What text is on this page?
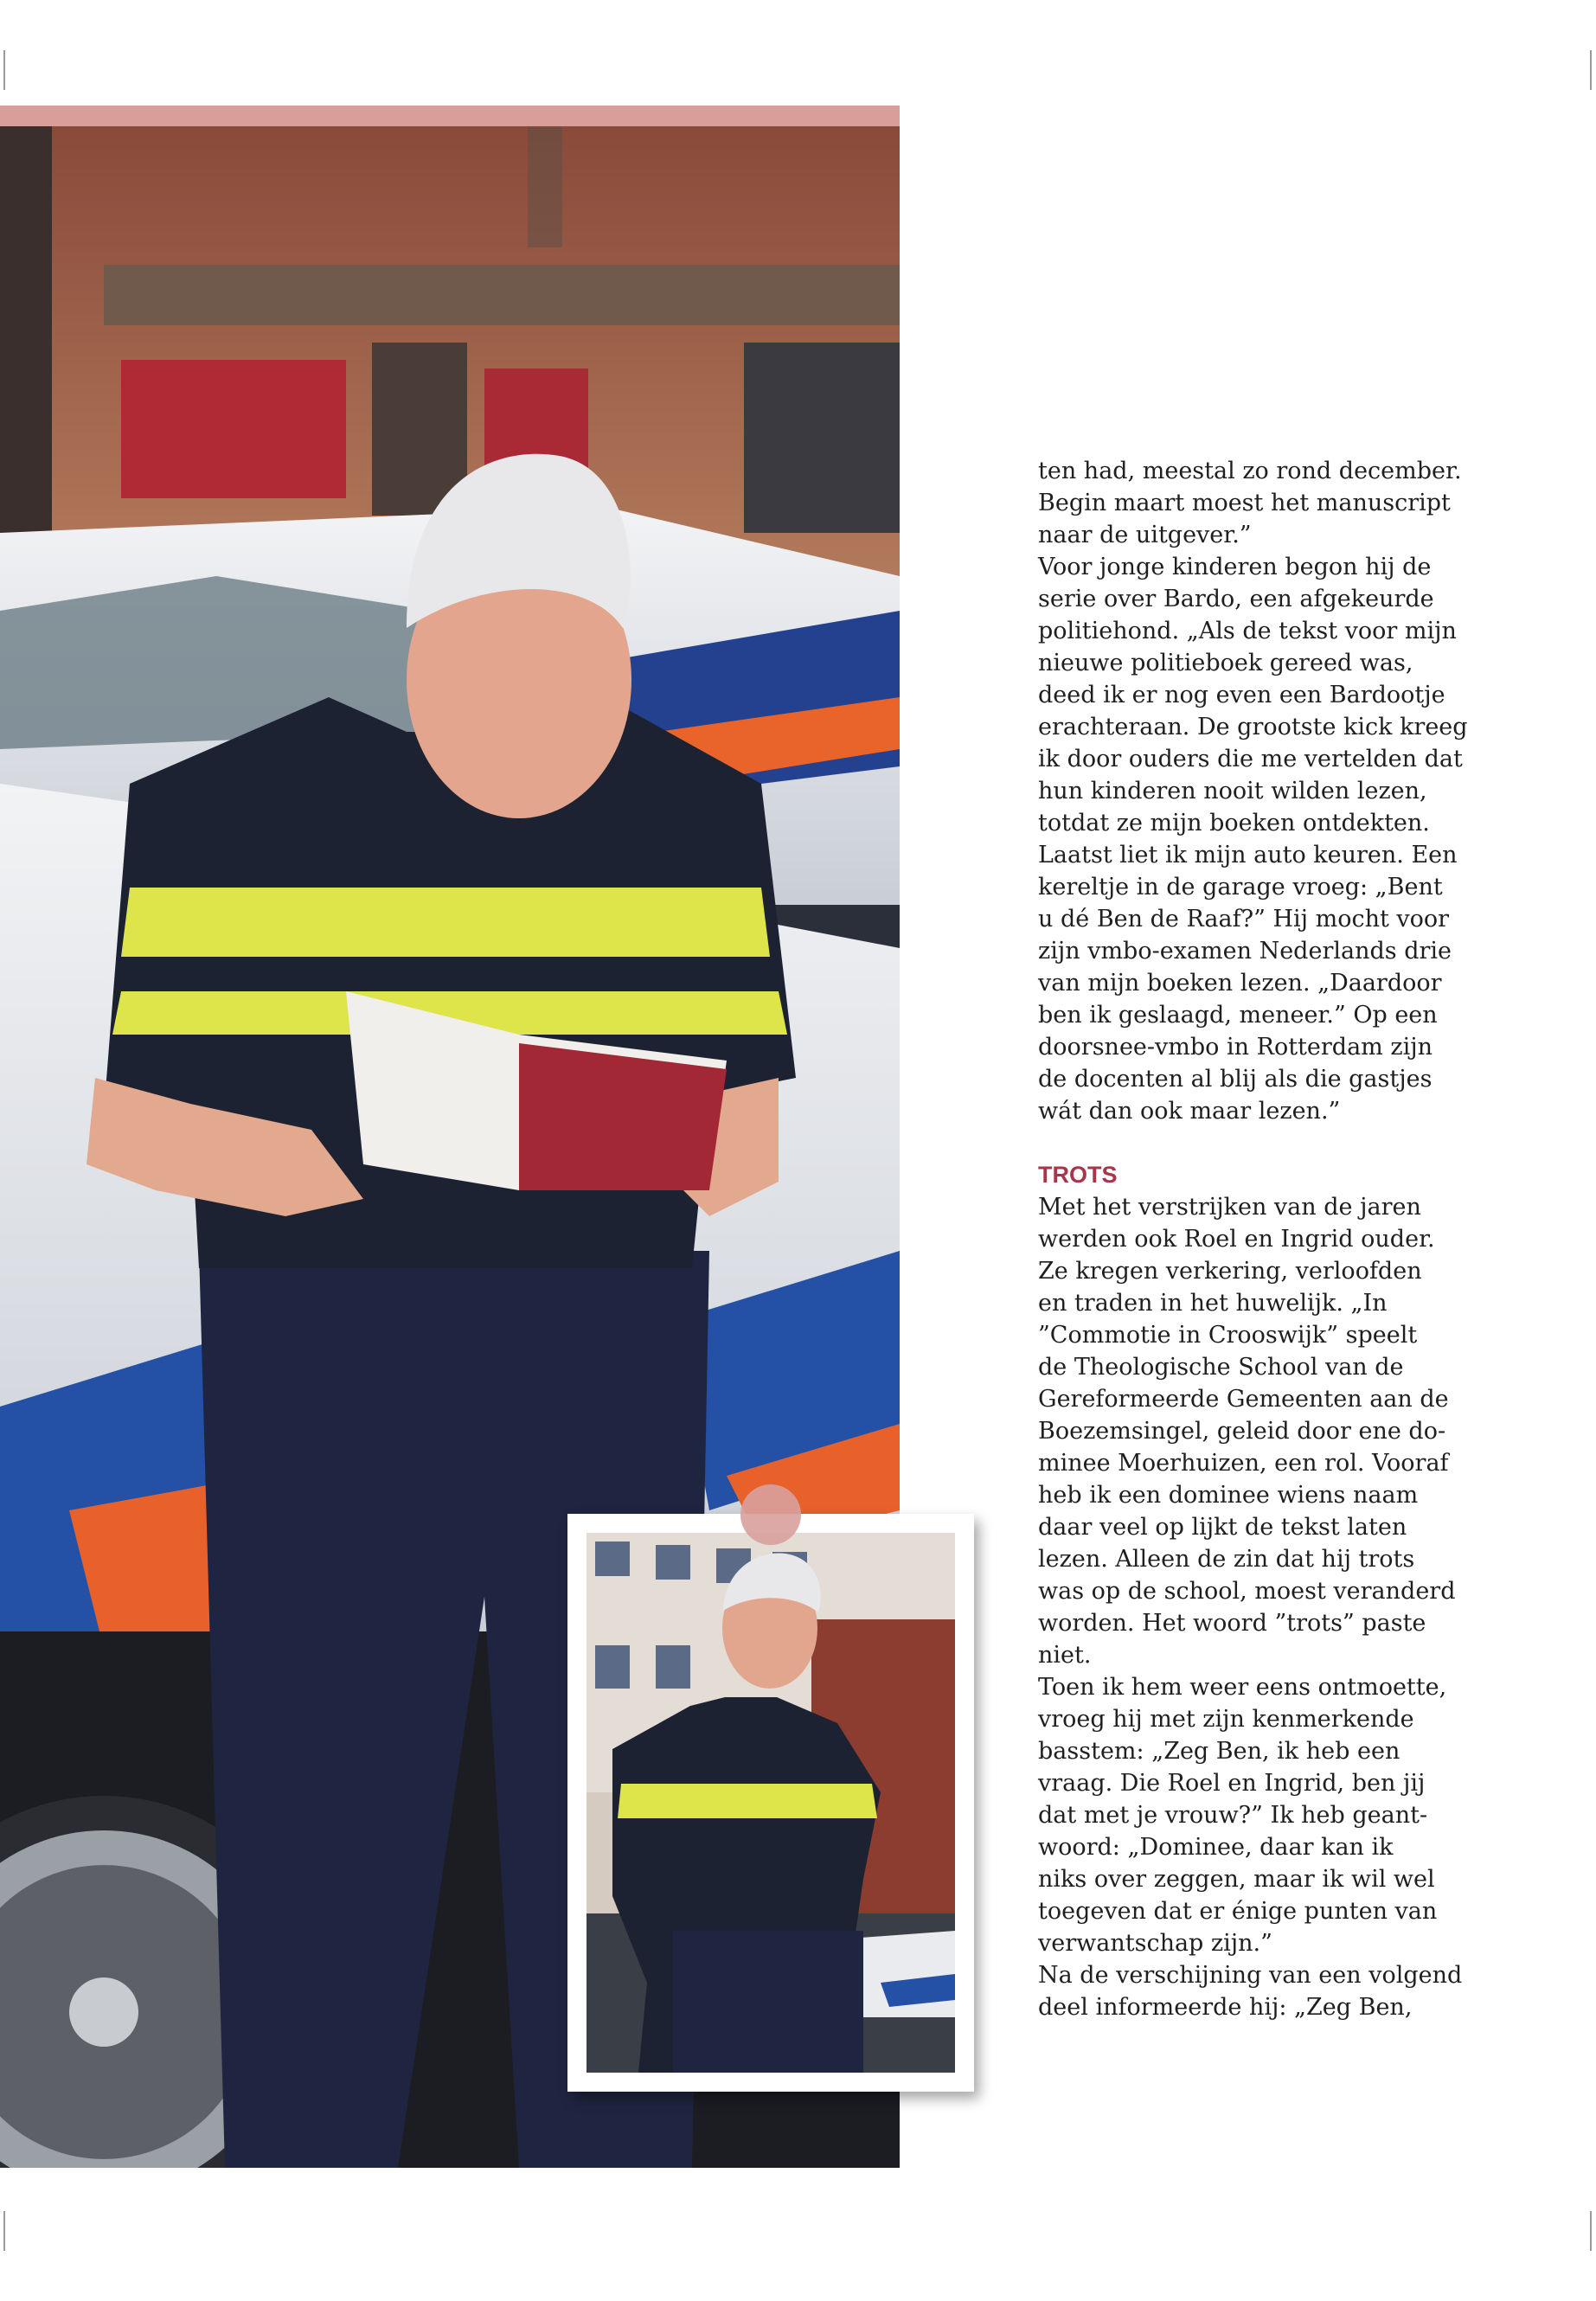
ten had, meestal zo rond december.

Begin maart moest het manuscript

naar de uitgever.”

Voor jonge kinderen begon hij de

serie over Bardo, een afgekeurde

politiehond. „Als de tekst voor mijn

nieuwe politieboek gereed was,

deed ik er nog even een Bardootje

erachteraan. De grootste kick kreeg

ik door ouders die me vertelden dat

hun kinderen nooit wilden lezen,

totdat ze mijn boeken ontdekten.

Laatst liet ik mijn auto keuren. Een

kereltje in de garage vroeg: „Bent

u dé Ben de Raaf?” Hij mocht voor

zijn vmbo-examen Nederlands drie

van mijn boeken lezen. „Daardoor

ben ik geslaagd, meneer.” Op een

doorsnee-vmbo in Rotterdam zijn

de docenten al blij als die gastjes

wát dan ook maar lezen.”

TROTS

Met het verstrijken van de jaren

werden ook Roel en Ingrid ouder.

Ze kregen verkering, verloofden

en traden in het huwelijk. „In

”Commotie in Crooswijk” speelt

de Theologische School van de

Gereformeerde Gemeenten aan de

Boezemsingel, geleid door ene do-

minee Moerhuizen, een rol. Vooraf

heb ik een dominee wiens naam

daar veel op lijkt de tekst laten

lezen. Alleen de zin dat hij trots

was op de school, moest veranderd

worden. Het woord ”trots” paste

niet.

Toen ik hem weer eens ontmoette,

vroeg hij met zijn kenmerkende

basstem: „Zeg Ben, ik heb een

vraag. Die Roel en Ingrid, ben jij

dat met je vrouw?” Ik heb geant-

woord: „Dominee, daar kan ik

niks over zeggen, maar ik wil wel

toegeven dat er énige punten van

verwantschap zijn.”

Na de verschijning van een volgend

deel informeerde hij: „Zeg Ben,
